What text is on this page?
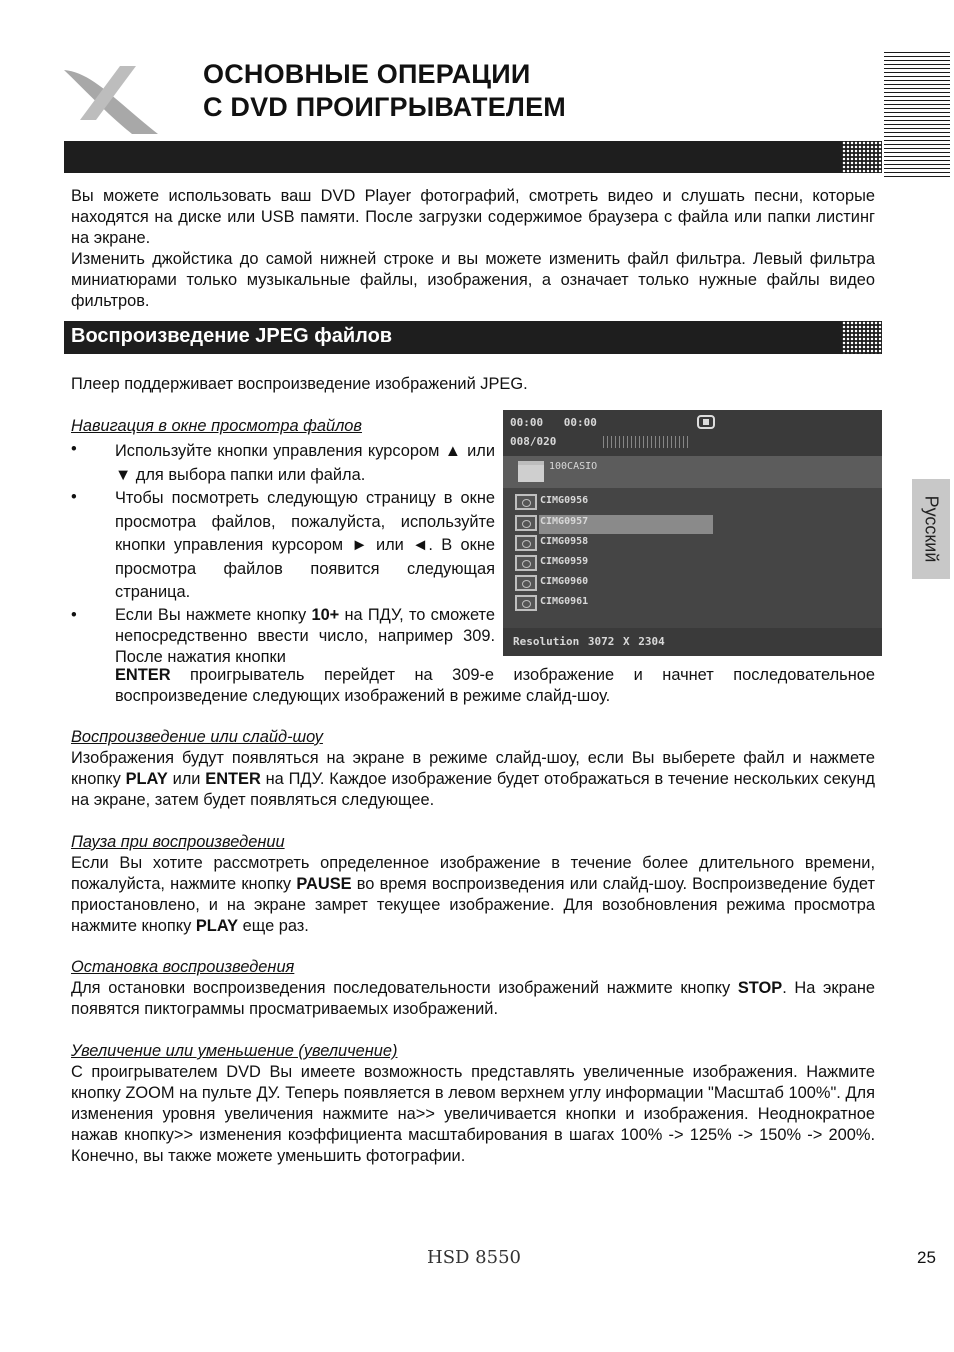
ОСНОВНЫЕ ОПЕРАЦИИ
С DVD ПРОИГРЫВАТЕЛЕМ

Вы можете использовать ваш DVD Player фотографий, смотреть видео и слушать песни, которые находятся на диске или USB памяти. После загрузки содержимое браузера с файла или папки листинг на экране.

Изменить джойстика до самой нижней строке и вы можете изменить файл фильтра. Левый фильтра миниатюрами только музыкальные файлы, изображения, а означает только нужные файлы видео фильтров.

Воспроизведение JPEG файлов
Плеер поддерживает воспроизведение изображений JPEG.
Навигация в окне просмотра файлов
• Используйте кнопки управления курсором ▲ или ▼ для выбора папки или файла.
• Чтобы посмотреть следующую страницу в окне просмотра файлов, пожалуйста, используйте кнопки управления курсором ► или ◄. В окне просмотра файлов появится следующая страница.
• Если Вы нажмете кнопку 10+ на ПДУ, то сможете непосредственно ввести число, например 309. После нажатия кнопки
ENTER проигрыватель перейдет на 309-е изображение и начнет последовательное воспроизведение следующих изображений в режиме слайд-шоу.
00:00 00:00
008/020
100CASIO
CIMG0956
CIMG0957
CIMG0958
CIMG0959
CIMG0960
CIMG0961
Resolution 3072 X 2304

Воспроизведение или слайд-шоу

Изображения будут появляться на экране в режиме слайд-шоу, если Вы выберете файл и нажмете кнопку PLAY или ENTER на ПДУ. Каждое изображение будет отображаться в течение нескольких секунд на экране, затем будет появляться следующее.

Пауза при воспроизведении

Если Вы хотите рассмотреть определенное изображение в течение более длительного времени, пожалуйста, нажмите кнопку PAUSE во время воспроизведения или слайд-шоу. Воспроизведение будет приостановлено, и на экране замрет текущее изображение. Для возобновления режима просмотра нажмите кнопку PLAY еще раз.

Остановка воспроизведения

Для остановки воспроизведения последовательности изображений нажмите кнопку STOP. На экране появятся пиктограммы просматриваемых изображений.

Увеличение или уменьшение (увеличение)

С проигрывателем DVD Вы имеете возможность представлять увеличенные изображения. Нажмите кнопку ZOOM на пульте ДУ. Теперь появляется в левом верхнем углу информации "Масштаб 100%". Для изменения уровня увеличения нажмите на>> увеличивается кнопки и изображения. Неоднократное нажав кнопку>> изменения коэффициента масштабирования в шагах 100% -> 125% -> 150% -> 200%. Конечно, вы также можете уменьшить фотографии.

Русский
HSD 8550	25
